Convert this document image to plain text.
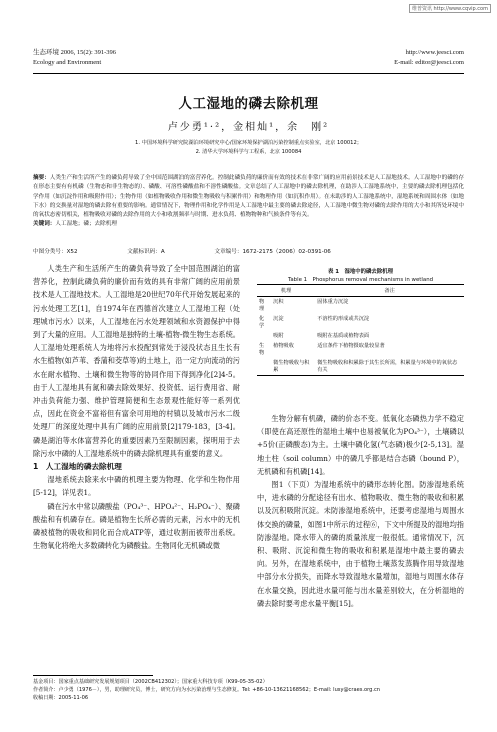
维普资讯 http://www.cqvip.com
生态环境 2006, 15(2): 391-396
Ecology and Environment
http://www.jeesci.com
E-mail: editor@jeesci.com
人工湿地的磷去除机理
卢少勇¹·²，金相灿¹，余　刚²
1. 中国环境科学研究院湖泊环境研究中心/国家环境保护湖泊污染控制重点实验室，北京 100012；
2. 清华大学环境科学与工程系，北京 100084
摘要：人类生产和生活所产生的磷负荷导致了全中国范围湖泊的富营养化。控制此磷负荷的廉价而有效的技术在非常广阔的应用前景技术是人工湿地技术。人工湿地中的磷的存在形态主要有有机磷（生物态和非生物态的）、磷酸、可溶性磷酸盐和不溶性磷酸盐。文章总结了人工湿地中的磷去除机理，在助涉人工湿地系统中，主要的磷去除机理包括化学作用（如沉淀作用和吸附作用）；生物作用（如植物吸收作用和微生物吸收与积累作用）和物理作用（如沉积作用）。在未助涉的人工湿地系统中，湿地系统和周围水体（如地下水）的交换量对湿地的磷去除有重要的影响。通常情况下，物理作用和化学作用是人工湿地中最主要的磷去除途径，人工湿地中微生物对磷的去除作用的大小和其所处环境中的氧状态密切相关，植物吸收对磷的去除作用的大小和收割频率与时期、进水负荷、植物物种和气候条件等有关。
关键词：人工湿地；磷；去除机理
中图分类号：X52	文献标识码：A	文章编号：1672-2175（2006）02-0391-06

人类生产和生活所产生的磷负荷导致了全中国范围湖泊的富营养化，控制此磷负荷的廉价而有效的具有非常广阔的应用前景技术是人工湿地技术。人工湿地是20世纪70年代开始发展起来的污水处理工艺[1]，自1974年在西德首次建立人工湿地工程（处理城市污水）以来，人工湿地在污水处理领域和水资源保护中得到了大量的应用。人工湿地是独特的土壤-植物-微生物生态系统。人工湿地处理系统人为地将污水投配到常处于浸没状态且生长有水生植物(如芦苇、香蒲和茭草等)的土地上，沿一定方向流动的污水在耐水植物、土壤和微生物等的协同作用下得到净化[2]4-5。由于人工湿地具有氮和磷去除效果好、投资低、运行费用省、耐冲击负荷能力强、维护管理简便和生态景观性能好等一系列优点，因此在资金不富裕但有富余可用地的村镇以及城市污水二级处理厂的深度处理中具有广阔的应用前景[2]179-183，[3-4]。磷是湖泊等水体富营养化的重要因素乃至限制因素，探明用于去除污水中磷的人工湿地系统中的磷去除机理具有重要的意义。

1　人工湿地的磷去除机理

湿地系统去除来水中磷的机理主要为物理、化学和生物作用[5-12]，详见表1。

磷在污水中常以磷酸盐（PO₄³⁻、HPO₄²⁻、H₂PO₄⁻）、聚磷酸盐和有机磷存在。磷是植物生长所必需的元素，污水中的无机磷被植物的吸收和同化而合成ATP等，通过收割而被带出系统。生物氧化将绝大多数磷转化为磷酸盐。生物同化无机磷或微

表 1　湿地中的磷去除机理
Table 1　Phosphorus removal mechanisms in wetland
机理		备注
物理	沉积	固体重力沉淀
化学	沉淀	不溶性的形成或共沉淀
	吸附	吸附在基质或植物表面
生物	植物吸收	适宜条件下植物摄取量较显著
	微生物吸收与积累	微生物吸收和积累除于其生长所需，积累量与环境中的氧状态有关

生物分解有机磷，磷的价态不变。低氧化态磷热力学不稳定（即使在高还原性的湿地土壤中也易被氧化为PO₄³⁻），土壤磷以+5价(正磷酸态)为主。土壤中磷化氢(气态磷)极少[2-5,13]。湿地土柱（soil column）中的磷几乎都是结合态磷（bound P），无机磷和有机磷[14]。

图1（下页）为湿地系统中的磷形态转化图。防渗湿地系统中，进水磷的分配途径有出水、植物吸收、微生物的吸收和积累以及沉积吸附沉淀。未防渗湿地系统中，还要考虑湿地与周围水体交换的磷量，如图1中所示的过程⑥，下文中所提及的湿地均指防渗湿地。降水带入的磷的质量浓度一般很低。通常情况下，沉积、吸附、沉淀和微生物的吸收和积累是湿地中最主要的磷去向。另外，在湿地系统中，由于植物土壤蒸发蒸腾作用导致湿地中部分水分损失，而降水导致湿地水量增加，湿地与周围水体存在水量交换，因此进水量可能与出水量差别较大，在分析湿地的磷去除时要考虑水量平衡[15]。

基金项目：国家重点基础研究发展规划项目（2002CB412302）；国家重大科技专项（K99-05-35-02）
作者简介：卢少勇（1976－），男，助理研究员，博士，研究方向为水污染治理与生态修复。Tel: +86-10-13621168562；E-mail: lusy@craes.org.cn
收稿日期：2005-11-06
